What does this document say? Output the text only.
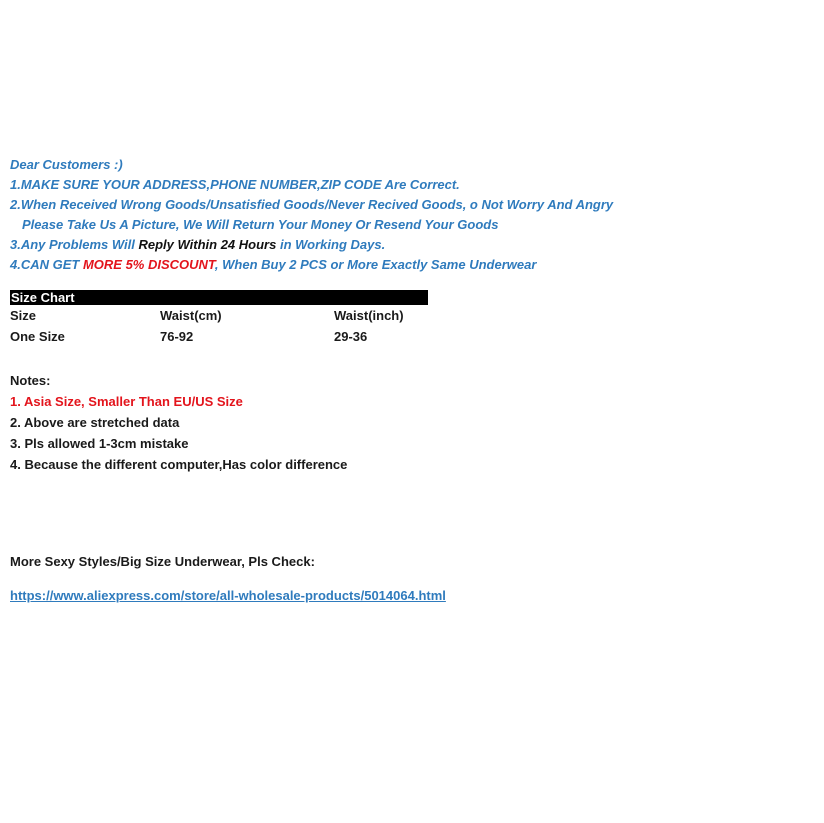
Dear Customers :)
1.MAKE SURE YOUR ADDRESS,PHONE NUMBER,ZIP CODE Are Correct.
2.When Received Wrong Goods/Unsatisfied Goods/Never Recived Goods, o Not Worry And Angry
Please Take Us A Picture, We Will Return Your Money Or Resend Your Goods
3.Any Problems Will Reply Within 24 Hours in Working Days.
4.CAN GET MORE 5% DISCOUNT, When Buy 2 PCS or More Exactly Same Underwear
Size Chart
Size	Waist(cm)	Waist(inch)
One Size	76-92	29-36
Notes:
1. Asia Size, Smaller Than EU/US Size
2. Above are stretched data
3. Pls allowed 1-3cm mistake
4. Because the different computer,Has color difference
More Sexy Styles/Big Size Underwear, Pls Check:
https://www.aliexpress.com/store/all-wholesale-products/5014064.html
